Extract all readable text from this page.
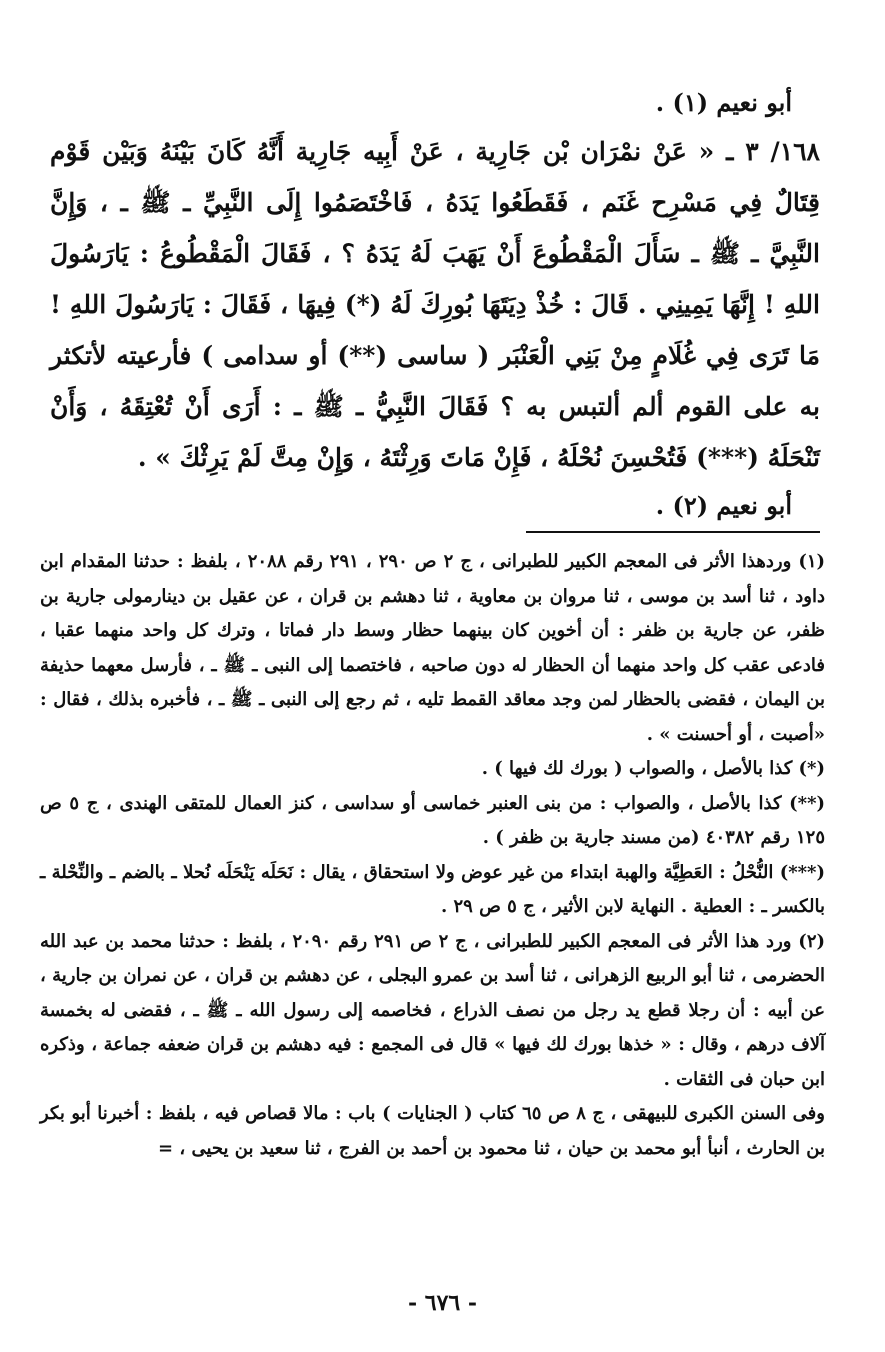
أبو نعيم (١) .

١٦٨/ ٣ ـ « عَنْ نمْرَان بْن جَارِية ، عَنْ أَبِيه جَارِية أَنَّهُ كَانَ بَيْنَهُ وَبَيْن قَوْم قِتَالٌ فِي مَسْرِح غَنَم ، فَقَطَعُوا يَدَهُ ، فَاخْتَصَمُوا إِلَى النَّبِيِّ ـ ﷺ ـ ، وَإِنَّ النَّبِيَّ ـ ﷺ ـ سَأَلَ الْمَقْطُوعَ أَنْ يَهَبَ لَهُ يَدَهُ ؟ ، فَقَالَ الْمَقْطُوعُ : يَارَسُولَ اللهِ ! إِنَّهَا يَمِينِي . قَالَ : خُذْ دِيَتَهَا بُورِكَ لَهُ (*) فِيهَا ، فَقَالَ : يَارَسُولَ اللهِ ! مَا تَرَى فِي غُلَامٍ مِنْ بَنِي الْعَنْبَر ( ساسى (**) أو سدامى ) فأرعيته لأتكثر به على القوم ألم ألتبس به ؟ فَقَالَ النَّبِيُّ ـ ﷺ ـ : أَرَى أَنْ تُعْتِقَهُ ، وَأَنْ تَنْحَلَهُ (***) فَتُحْسِنَ نُحْلَهُ ، فَإِنْ مَاتَ وَرِثْتَهُ ، وَإِنْ مِتَّ لَمْ يَرِثْكَ » .

أبو نعيم (٢) .

(١) وردهذا الأثر فى المعجم الكبير للطبرانى ، ج ٢ ص ٢٩٠ ، ٢٩١ رقم ٢٠٨٨ ، بلفظ : حدثنا المقدام ابن داود ، ثنا أسد بن موسى ، ثنا مروان بن معاوية ، ثنا دهشم بن قران ، عن عقيل بن دينارمولى جارية بن ظفر، عن جارية بن ظفر : أن أخوين كان بينهما حظار وسط دار فماتا ، وترك كل واحد منهما عقبا ، فادعى عقب كل واحد منهما أن الحظار له دون صاحبه ، فاختصما إلى النبى ـ ﷺ ـ ، فأرسل معهما حذيفة بن اليمان ، فقضى بالحظار لمن وجد معاقد القمط تليه ، ثم رجع إلى النبى ـ ﷺ ـ ، فأخبره بذلك ، فقال : «أصبت ، أو أحسنت » .

(*) كذا بالأصل ، والصواب ( بورك لك فيها ) .

(**) كذا بالأصل ، والصواب : من بنى العنبر خماسى أو سداسى ، كنز العمال للمتقى الهندى ، ج ٥ ص ١٢٥ رقم ٤٠٣٨٢ (من مسند جارية بن ظفر ) .

(***) النُّحْلُ : العَطِيَّة والهبة ابتداء من غير عوض ولا استحقاق ، يقال : نَحَلَه يَنْحَلَه نُحلا ـ بالضم ـ والنِّحْلة ـ بالكسر ـ : العطية . النهاية لابن الأثير ، ج ٥ ص ٢٩ .

(٢) ورد هذا الأثر فى المعجم الكبير للطبرانى ، ج ٢ ص ٢٩١ رقم ٢٠٩٠ ، بلفظ : حدثنا محمد بن عبد الله الحضرمى ، ثنا أبو الربيع الزهرانى ، ثنا أسد بن عمرو البجلى ، عن دهشم بن قران ، عن نمران بن جارية ، عن أبيه : أن رجلا قطع يد رجل من نصف الذراع ، فخاصمه إلى رسول الله ـ ﷺ ـ ، فقضى له بخمسة آلاف درهم ، وقال : « خذها بورك لك فيها » قال فى المجمع : فيه دهشم بن قران ضعفه جماعة ، وذكره ابن حبان فى الثقات .

وفى السنن الكبرى للبيهقى ، ج ٨ ص ٦٥ كتاب ( الجنايات ) باب : مالا قصاص فيه ، بلفظ : أخبرنا أبو بكر بن الحارث ، أنبأ أبو محمد بن حيان ، ثنا محمود بن أحمد بن الفرج ، ثنا سعيد بن يحيى ، =

- ٦٧٦ -
